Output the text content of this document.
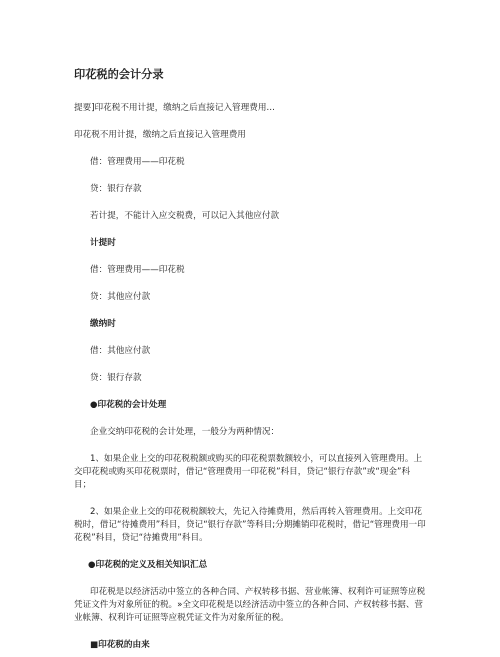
印花税的会计分录
提要]印花税不用计提，缴纳之后直接记入管理费用…
印花税不用计提，缴纳之后直接记入管理费用
借：管理费用——印花税
贷：银行存款
若计提，不能计入应交税费，可以记入其他应付款
计提时
借：管理费用——印花税
贷：其他应付款
缴纳时
借：其他应付款
贷：银行存款
●印花税的会计处理
企业交纳印花税的会计处理，一般分为两种情况：
1、如果企业上交的印花税税额或购买的印花税票数额较小，可以直接列入管理费用。上交印花税或购买印花税票时，借记“管理费用一印花税”科目，贷记“银行存款”或“现金”科目；
2、如果企业上交的印花税税额较大，先记入待摊费用，然后再转入管理费用。上交印花税时，借记“待摊费用”科目，贷记“银行存款”等科目;分期摊销印花税时，借记“管理费用一印花税”科目，贷记“待摊费用”科目。
●印花税的定义及相关知识汇总
印花税是以经济活动中签立的各种合同、产权转移书据、营业帐簿、权利许可证照等应税凭证文件为对象所征的税。»全文印花税是以经济活动中签立的各种合同、产权转移书据、营业帐簿、权利许可证照等应税凭证文件为对象所征的税。
■印花税的由来
